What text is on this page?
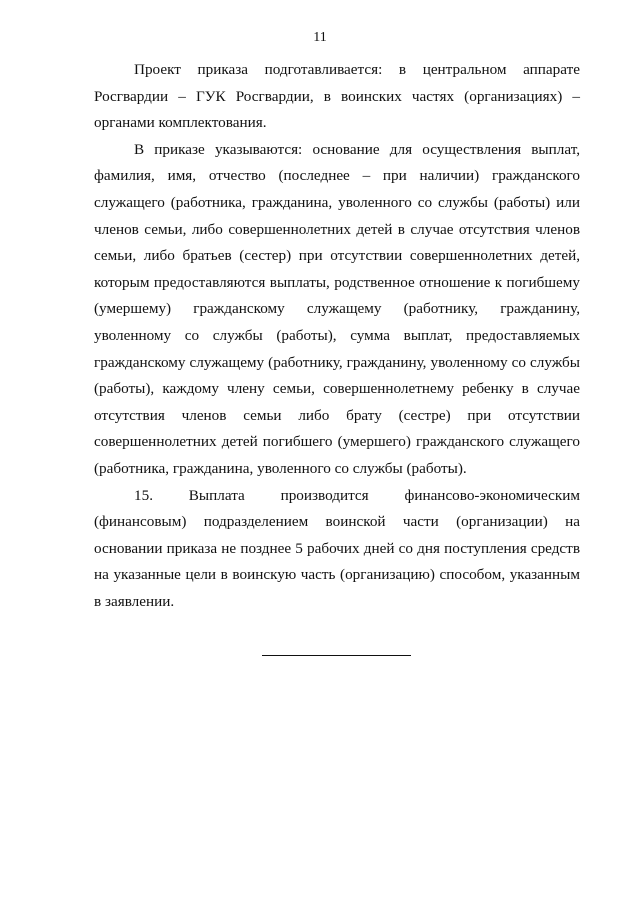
11

Проект приказа подготавливается: в центральном аппарате Росгвардии – ГУК Росгвардии, в воинских частях (организациях) – органами комплектования.

В приказе указываются: основание для осуществления выплат, фамилия, имя, отчество (последнее – при наличии) гражданского служащего (работника, гражданина, уволенного со службы (работы) или членов семьи, либо совершеннолетних детей в случае отсутствия членов семьи, либо братьев (сестер) при отсутствии совершеннолетних детей, которым предоставляются выплаты, родственное отношение к погибшему (умершему) гражданскому служащему (работнику, гражданину, уволенному со службы (работы), сумма выплат, предоставляемых гражданскому служащему (работнику, гражданину, уволенному со службы (работы), каждому члену семьи, совершеннолетнему ребенку в случае отсутствия членов семьи либо брату (сестре) при отсутствии совершеннолетних детей погибшего (умершего) гражданского служащего (работника, гражданина, уволенного со службы (работы).

15. Выплата производится финансово-экономическим (финансовым) подразделением воинской части (организации) на основании приказа не позднее 5 рабочих дней со дня поступления средств на указанные цели в воинскую часть (организацию) способом, указанным в заявлении.
